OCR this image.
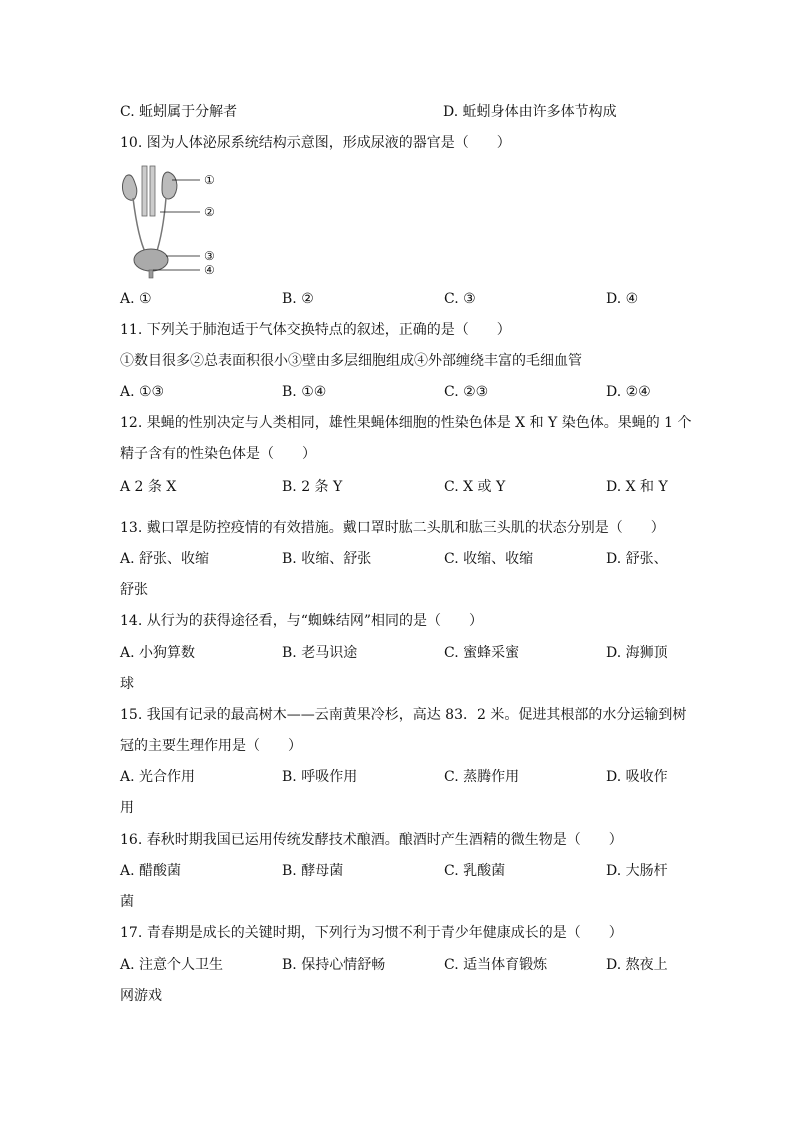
C. 蚯蚓属于分解者	D. 蚯蚓身体由许多体节构成
10. 图为人体泌尿系统结构示意图，形成尿液的器官是（　　）
①
②
③
④
A. ①	B. ②	C. ③	D. ④
11. 下列关于肺泡适于气体交换特点的叙述，正确的是（　　）
①数目很多②总表面积很小③壁由多层细胞组成④外部缠绕丰富的毛细血管
A. ①③	B. ①④	C. ②③	D. ②④
12. 果蝇的性别决定与人类相同，雄性果蝇体细胞的性染色体是 X 和 Y 染色体。果蝇的 1 个
精子含有的性染色体是（　　）
A 2 条 X	B. 2 条 Y	C. X 或 Y	D. X 和 Y
13. 戴口罩是防控疫情的有效措施。戴口罩时肱二头肌和肱三头肌的状态分别是（　　）
A. 舒张、收缩	B. 收缩、舒张	C. 收缩、收缩	D. 舒张、
舒张
14. 从行为的获得途径看，与“蜘蛛结网”相同的是（　　）
A. 小狗算数	B. 老马识途	C. 蜜蜂采蜜	D. 海狮顶
球
15. 我国有记录的最高树木——云南黄果冷杉，高达 83．2 米。促进其根部的水分运输到树
冠的主要生理作用是（　　）
A. 光合作用	B. 呼吸作用	C. 蒸腾作用	D. 吸收作
用
16. 春秋时期我国已运用传统发酵技术酿酒。酿酒时产生酒精的微生物是（　　）
A. 醋酸菌	B. 酵母菌	C. 乳酸菌	D. 大肠杆
菌
17. 青春期是成长的关键时期，下列行为习惯不利于青少年健康成长的是（　　）
A. 注意个人卫生	B. 保持心情舒畅	C. 适当体育锻炼	D. 熬夜上
网游戏
